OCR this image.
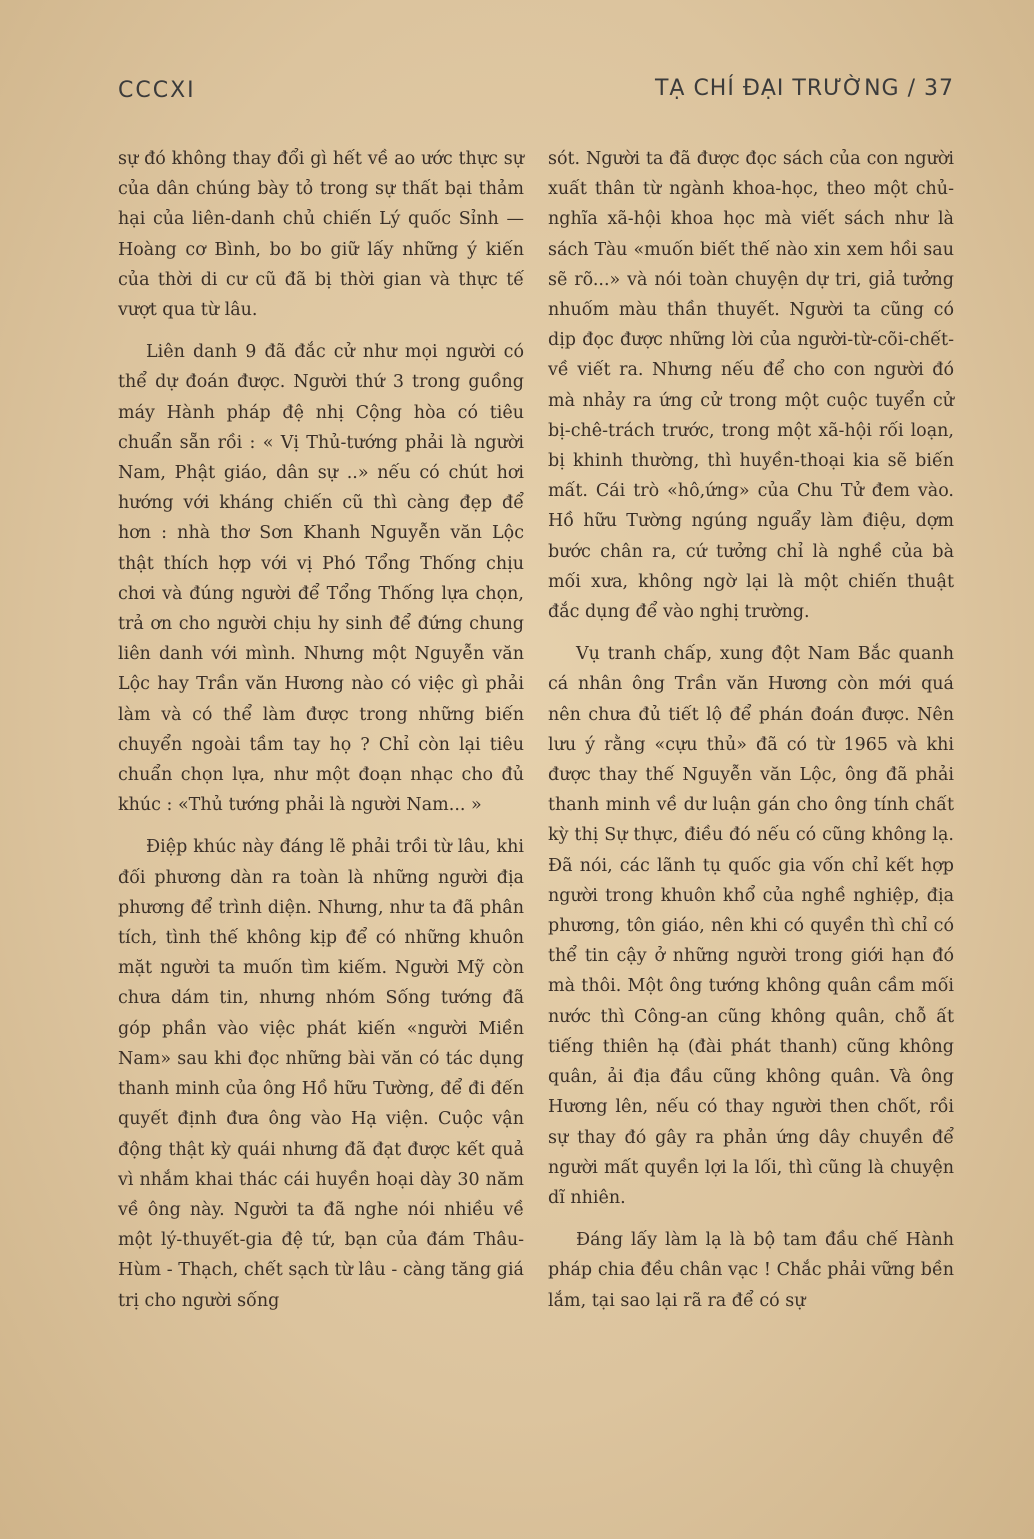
CCCXI	TẠ CHÍ ĐẠI TRƯỜNG / 37

sự đó không thay đổi gì hết về ao ước thực sự của dân chúng bày tỏ trong sự thất bại thảm hại của liên-danh chủ chiến Lý quốc Sỉnh — Hoàng cơ Bình, bo bo giữ lấy những ý kiến của thời di cư cũ đã bị thời gian và thực tế vượt qua từ lâu.

Liên danh 9 đã đắc cử như mọi người có thể dự đoán được. Người thứ 3 trong guồng máy Hành pháp đệ nhị Cộng hòa có tiêu chuẩn sẵn rồi : « Vị Thủ-tướng phải là người Nam, Phật giáo, dân sự ..» nếu có chút hơi hướng với kháng chiến cũ thì càng đẹp để hơn : nhà thơ Sơn Khanh Nguyễn văn Lộc thật thích hợp với vị Phó Tổng Thống chịu chơi và đúng người để Tổng Thống lựa chọn, trả ơn cho người chịu hy sinh để đứng chung liên danh với mình. Nhưng một Nguyễn văn Lộc hay Trần văn Hương nào có việc gì phải làm và có thể làm được trong những biến chuyển ngoài tầm tay họ ? Chỉ còn lại tiêu chuẩn chọn lựa, như một đoạn nhạc cho đủ khúc : «Thủ tướng phải là người Nam... »

Điệp khúc này đáng lẽ phải trồi từ lâu, khi đối phương dàn ra toàn là những người địa phương để trình diện. Nhưng, như ta đã phân tích, tình thế không kịp để có những khuôn mặt người ta muốn tìm kiếm. Người Mỹ còn chưa dám tin, nhưng nhóm Sống tướng đã góp phần vào việc phát kiến «người Miền Nam» sau khi đọc những bài văn có tác dụng thanh minh của ông Hồ hữu Tường, để đi đến quyết định đưa ông vào Hạ viện. Cuộc vận động thật kỳ quái nhưng đã đạt được kết quả vì nhắm khai thác cái huyền hoại dày 30 năm về ông này. Người ta đã nghe nói nhiều về một lý-thuyết-gia đệ tứ, bạn của đám Thâu-Hùm - Thạch, chết sạch từ lâu - càng tăng giá trị cho người sống

sót. Người ta đã được đọc sách của con người xuất thân từ ngành khoa-học, theo một chủ-nghĩa xã-hội khoa học mà viết sách như là sách Tàu «muốn biết thế nào xin xem hồi sau sẽ rõ...» và nói toàn chuyện dự tri, giả tưởng nhuốm màu thần thuyết. Người ta cũng có dịp đọc được những lời của người-từ-cõi-chết-về viết ra. Nhưng nếu để cho con người đó mà nhảy ra ứng cử trong một cuộc tuyển cử bị-chê-trách trước, trong một xã-hội rối loạn, bị khinh thường, thì huyền-thoại kia sẽ biến mất. Cái trò «hô,ứng» của Chu Tử đem vào. Hồ hữu Tường ngúng nguẩy làm điệu, dợm bước chân ra, cứ tưởng chỉ là nghề của bà mối xưa, không ngờ lại là một chiến thuật đắc dụng để vào nghị trường.

Vụ tranh chấp, xung đột Nam Bắc quanh cá nhân ông Trần văn Hương còn mới quá nên chưa đủ tiết lộ để phán đoán được. Nên lưu ý rằng «cựu thủ» đã có từ 1965 và khi được thay thế Nguyễn văn Lộc, ông đã phải thanh minh về dư luận gán cho ông tính chất kỳ thị Sự thực, điều đó nếu có cũng không lạ. Đã nói, các lãnh tụ quốc gia vốn chỉ kết hợp người trong khuôn khổ của nghề nghiệp, địa phương, tôn giáo, nên khi có quyền thì chỉ có thể tin cậy ở những người trong giới hạn đó mà thôi. Một ông tướng không quân cầm mối nước thì Công-an cũng không quân, chỗ ất tiếng thiên hạ (đài phát thanh) cũng không quân, ải địa đầu cũng không quân. Và ông Hương lên, nếu có thay người then chốt, rồi sự thay đó gây ra phản ứng dây chuyền để người mất quyền lợi la lối, thì cũng là chuyện dĩ nhiên.

Đáng lấy làm lạ là bộ tam đầu chế Hành pháp chia đều chân vạc ! Chắc phải vững bền lắm, tại sao lại rã ra để có sự
